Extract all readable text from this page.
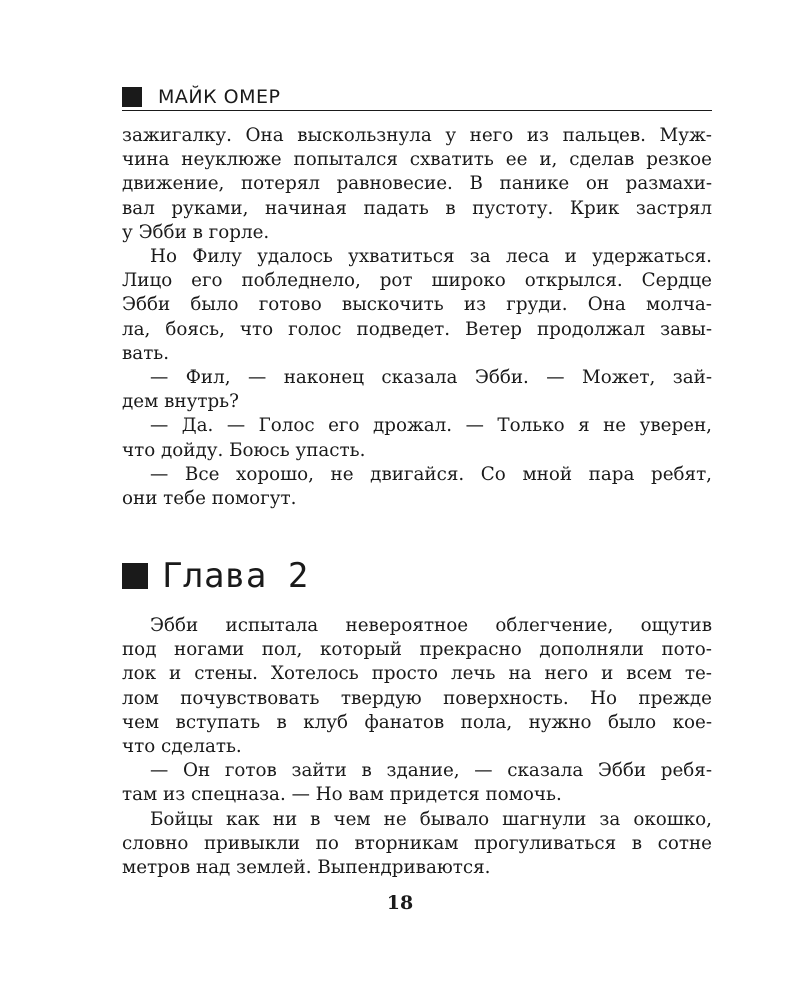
МАЙК ОМЕР

зажигалку. Она выскользнула у него из пальцев. Муж-

чина неуклюже попытался схватить ее и, сделав резкое

движение, потерял равновесие. В панике он размахи-

вал руками, начиная падать в пустоту. Крик застрял

у Эбби в горле.

Но Филу удалось ухватиться за леса и удержаться.

Лицо его побледнело, рот широко открылся. Сердце

Эбби было готово выскочить из груди. Она молча-

ла, боясь, что голос подведет. Ветер продолжал завы-

вать.

— Фил, — наконец сказала Эбби. — Может, зай-

дем внутрь?

— Да. — Голос его дрожал. — Только я не уверен,

что дойду. Боюсь упасть.

— Все хорошо, не двигайся. Со мной пара ребят,

они тебе помогут.

Глава 2

Эбби испытала невероятное облегчение, ощутив

под ногами пол, который прекрасно дополняли пото-

лок и стены. Хотелось просто лечь на него и всем те-

лом почувствовать твердую поверхность. Но прежде

чем вступать в клуб фанатов пола, нужно было кое-

что сделать.

— Он готов зайти в здание, — сказала Эбби ребя-

там из спецназа. — Но вам придется помочь.

Бойцы как ни в чем не бывало шагнули за окошко,

словно привыкли по вторникам прогуливаться в сотне

метров над землей. Выпендриваются.

18
